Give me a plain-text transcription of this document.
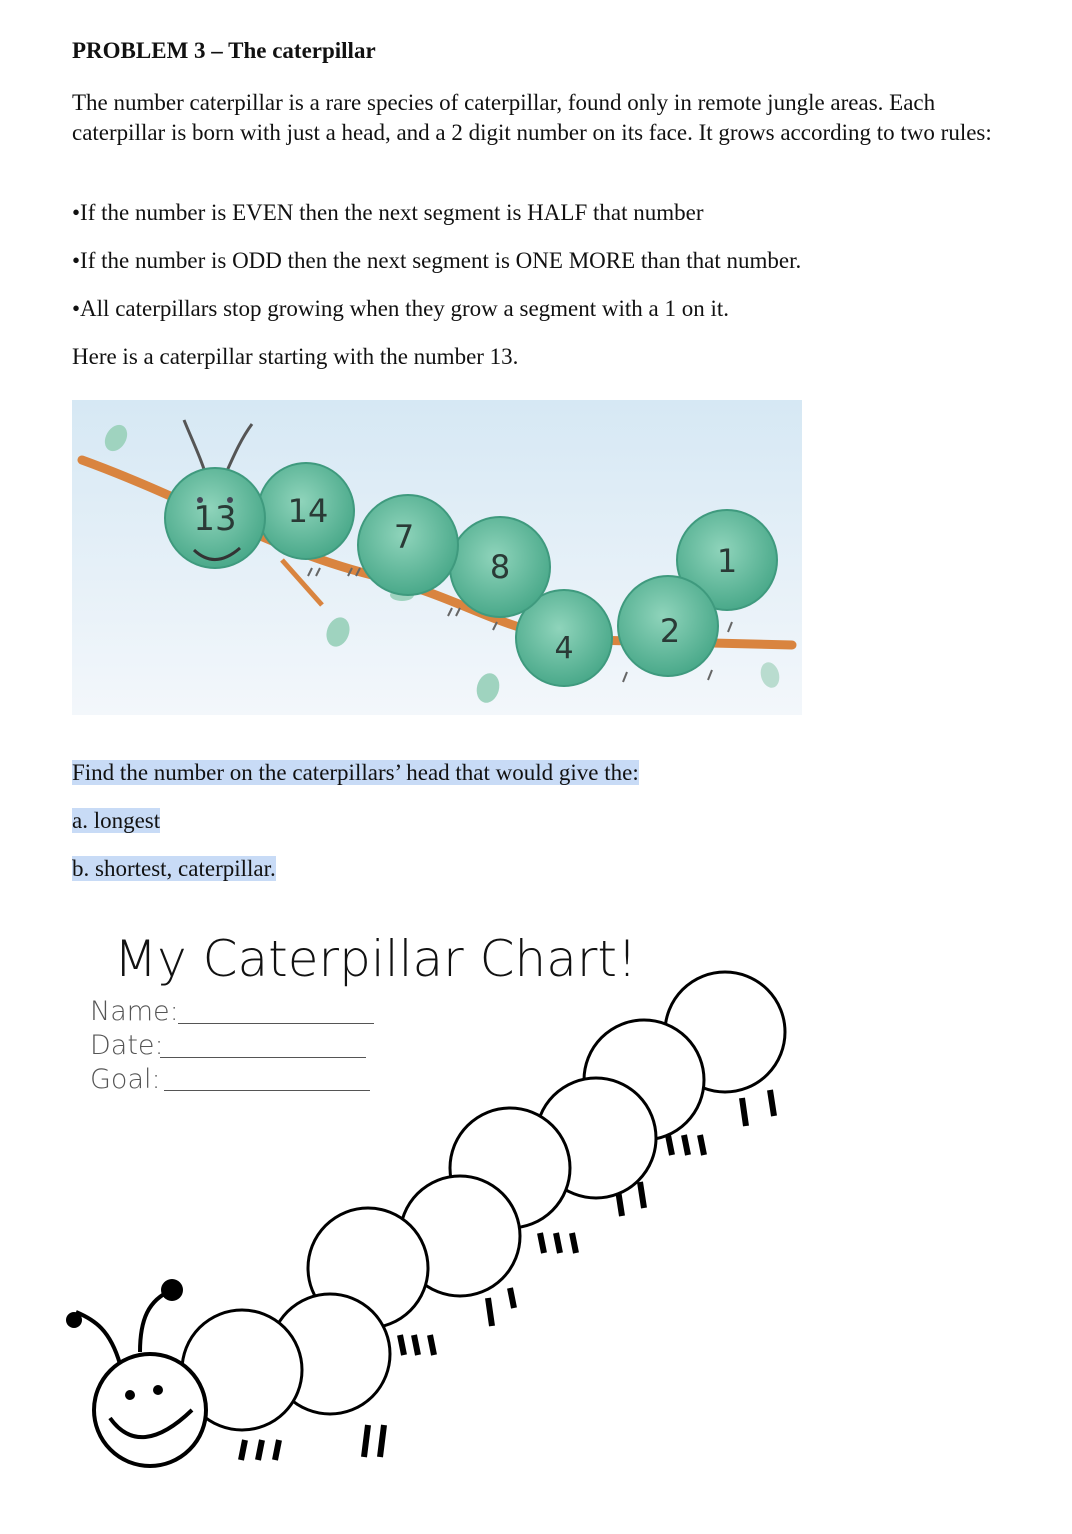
PROBLEM 3 – The caterpillar
The number caterpillar is a rare species of caterpillar, found only in remote jungle areas. Each caterpillar is born with just a head, and a 2 digit number on its face. It grows according to two rules:
•If the number is EVEN then the next segment is HALF that number
•If the number is ODD then the next segment is ONE MORE than that number.
•All caterpillars stop growing when they grow a segment with a 1 on it.
Here is a caterpillar starting with the number 13.
13 14
7
8
4	2
1
Find the number on the caterpillars’ head that would give the:
a. longest
b. shortest, caterpillar.
My Caterpillar Chart!
Name:
Date:
Goal:
